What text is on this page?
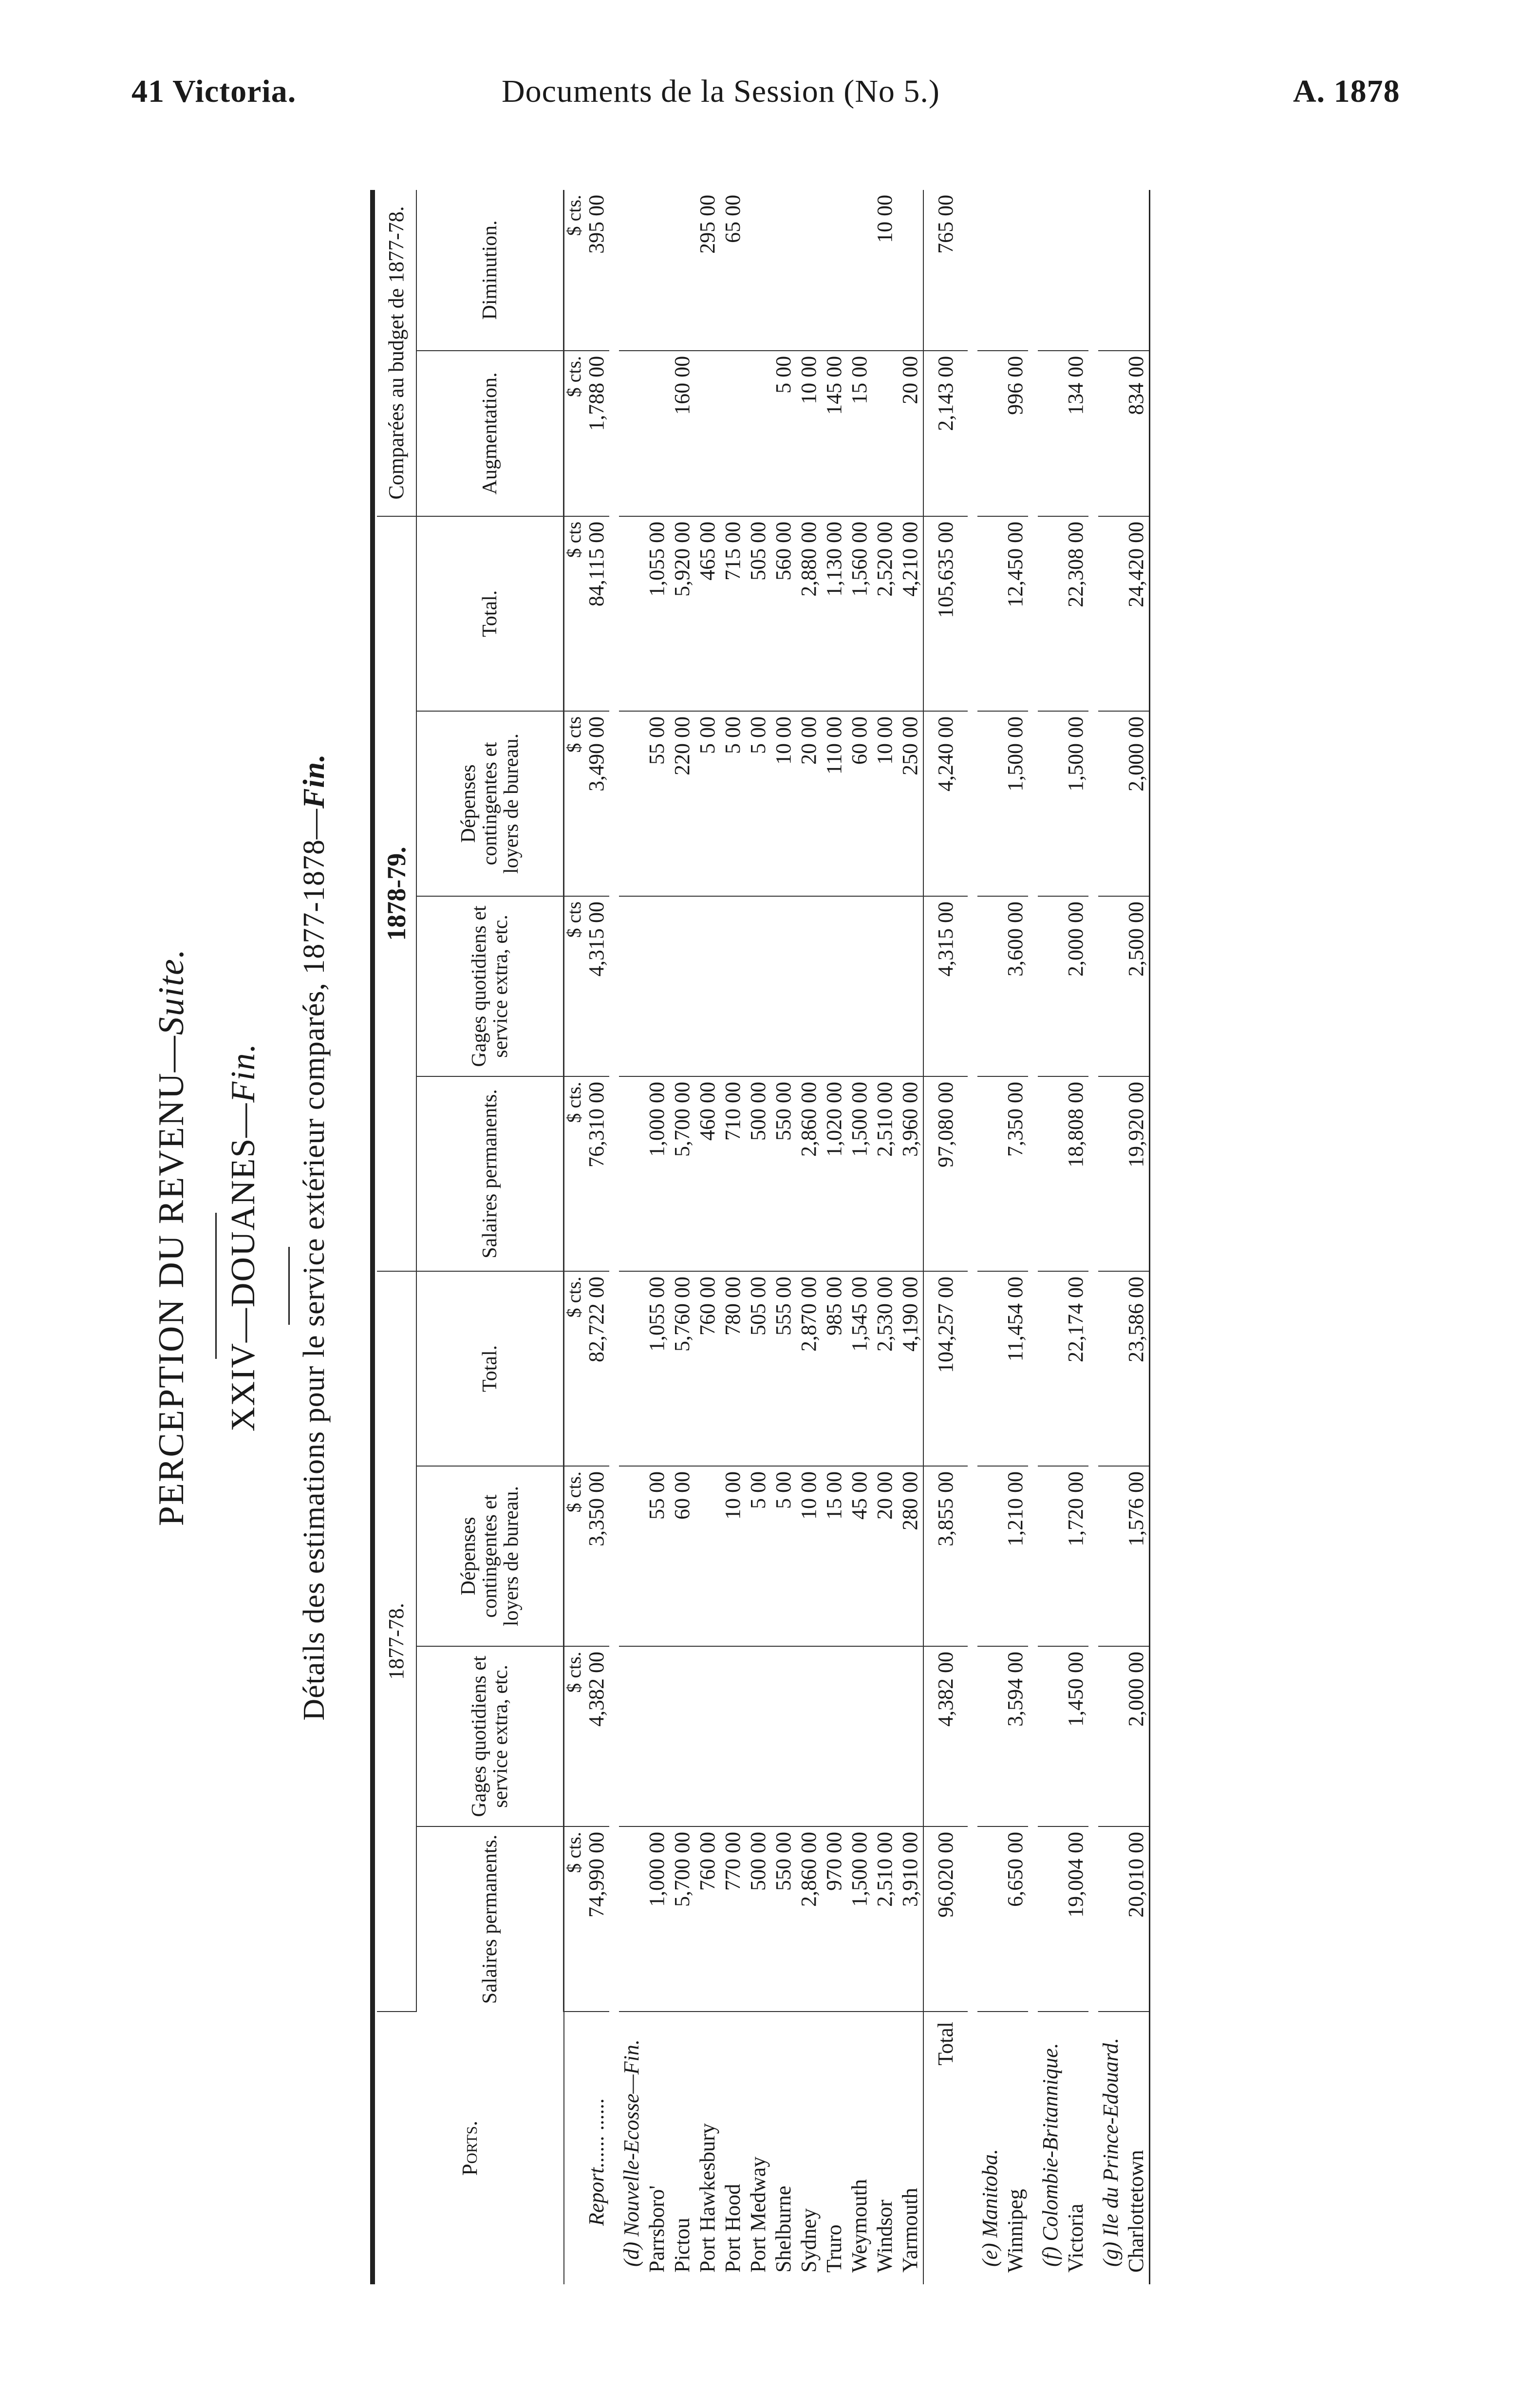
41 Victoria.	Documents de la Session (No 5.)	A. 1878
PERCEPTION DU REVENU—Suite.
XXIV—DOUANES—Fin. Détails des estimations pour le service extérieur comparés, 1877-1878—Fin.
Ports.	1877-78.				1878-79.				Comparées au budget de 1877-78.	
	Salaires permanents.	Gages quotidiens et service extra, etc.	Dépenses contingentes et loyers de bureau.	Total.	Salaires permanents.	Gages quotidiens et service extra, etc.	Dépenses contingentes et loyers de bureau.	Total.	Augmentation.	Diminution.
	$ cts.	$ cts.	$ cts.	$ cts.	$ cts.	$ cts	$ cts	$ cts	$ cts.	$ cts.
Report...... ......	74,990 00	4,382 00	3,350 00	82,722 00	76,310 00	4,315 00	3,490 00	84,115 00	1,788 00	395 00

(d) Nouvelle-Ecosse—Fin.										
Parrsboro'	1,000 00		55 00	1,055 00	1,000 00		55 00	1,055 00		
Pictou	5,700 00		60 00	5,760 00	5,700 00		220 00	5,920 00	160 00	
Port Hawkesbury	760 00			760 00	460 00		5 00	465 00		295 00
Port Hood	770 00		10 00	780 00	710 00		5 00	715 00		65 00
Port Medway	500 00		5 00	505 00	500 00		5 00	505 00		
Shelburne	550 00		5 00	555 00	550 00		10 00	560 00	5 00	
Sydney	2,860 00		10 00	2,870 00	2,860 00		20 00	2,880 00	10 00	
Truro	970 00		15 00	985 00	1,020 00		110 00	1,130 00	145 00	
Weymouth	1,500 00		45 00	1,545 00	1,500 00		60 00	1,560 00	15 00	
Windsor	2,510 00		20 00	2,530 00	2,510 00		10 00	2,520 00		10 00
Yarmouth	3,910 00		280 00	4,190 00	3,960 00		250 00	4,210 00	20 00	
Total	96,020 00	4,382 00	3,855 00	104,257 00	97,080 00	4,315 00	4,240 00	105,635 00	2,143 00	765 00

(e) Manitoba.										
Winnipeg	6,650 00	3,594 00	1,210 00	11,454 00	7,350 00	3,600 00	1,500 00	12,450 00	996 00	

(f) Colombie-Britannique.										
Victoria	19,004 00	1,450 00	1,720 00	22,174 00	18,808 00	2,000 00	1,500 00	22,308 00	134 00	

(g) Ile du Prince-Edouard.										
Charlottetown	20,010 00	2,000 00	1,576 00	23,586 00	19,920 00	2,500 00	2,000 00	24,420 00	834 00	
